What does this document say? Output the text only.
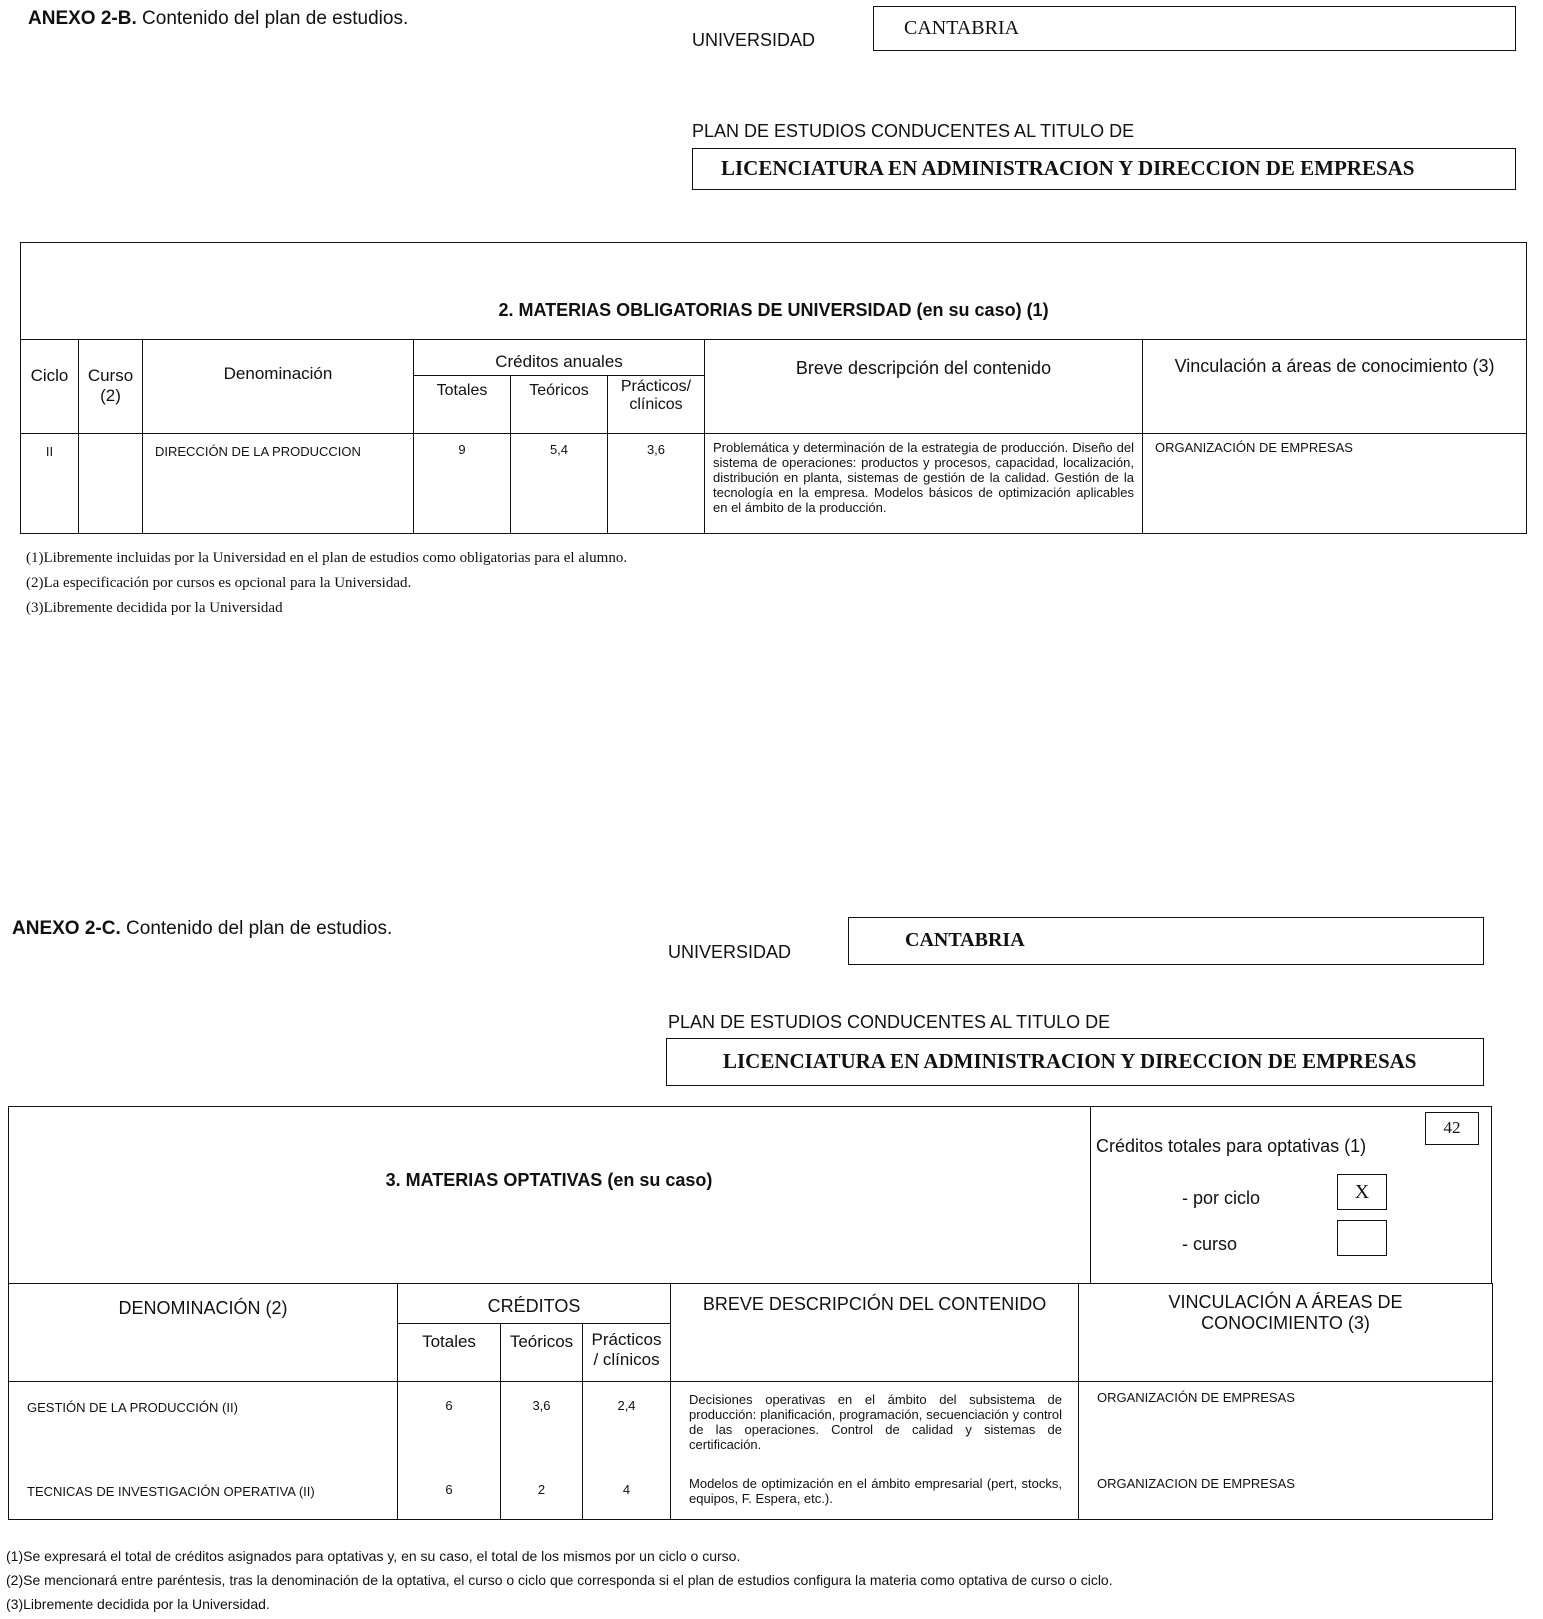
ANEXO 2-B. Contenido del plan de estudios.
UNIVERSIDAD
CANTABRIA
PLAN DE ESTUDIOS CONDUCENTES AL TITULO DE
LICENCIATURA EN ADMINISTRACION Y DIRECCION DE EMPRESAS
2. MATERIAS OBLIGATORIAS DE UNIVERSIDAD (en su caso) (1)							
Ciclo	Curso (2)	Denominación	Créditos anuales			Breve descripción del contenido	Vinculación a áreas de conocimiento (3)
			Totales	Teóricos	Prácticos/ clínicos		
II		DIRECCIÓN DE LA PRODUCCION	9	5,4	3,6	Problemática y determinación de la estrategia de producción. Diseño del sistema de operaciones: productos y procesos, capacidad, localización, distribución en planta, sistemas de gestión de la calidad. Gestión de la tecnología en la empresa. Modelos básicos de optimización aplicables en el ámbito de la producción.	ORGANIZACIÓN DE EMPRESAS
(1)Libremente incluidas por la Universidad en el plan de estudios como obligatorias para el alumno.
(2)La especificación por cursos es opcional para la Universidad.
(3)Libremente decidida por la Universidad
ANEXO 2-C. Contenido del plan de estudios.
UNIVERSIDAD
CANTABRIA
PLAN DE ESTUDIOS CONDUCENTES AL TITULO DE
LICENCIATURA EN ADMINISTRACION Y DIRECCION DE EMPRESAS
3. MATERIAS OPTATIVAS (en su caso)
42
Créditos totales para optativas (1)
- por ciclo	X
- curso
DENOMINACIÓN (2)	CRÉDITOS			BREVE DESCRIPCIÓN DEL CONTENIDO	VINCULACIÓN A ÁREAS DE CONOCIMIENTO (3)
	Totales	Teóricos	Prácticos / clínicos		
GESTIÓN DE LA PRODUCCIÓN (II)	6	3,6	2,4	Decisiones operativas en el ámbito del subsistema de producción: planificación, programación, secuenciación y control de las operaciones. Control de calidad y sistemas de certificación.	ORGANIZACIÓN DE EMPRESAS
TECNICAS DE INVESTIGACIÓN OPERATIVA (II)	6	2	4	Modelos de optimización en el ámbito empresarial (pert, stocks, equipos, F. Espera, etc.).	ORGANIZACION DE EMPRESAS
(1)Se expresará el total de créditos asignados para optativas y, en su caso, el total de los mismos por un ciclo o curso.
(2)Se mencionará entre paréntesis, tras la denominación de la optativa, el curso o ciclo que corresponda si el plan de estudios configura la materia como optativa de curso o ciclo.
(3)Libremente decidida por la Universidad.
